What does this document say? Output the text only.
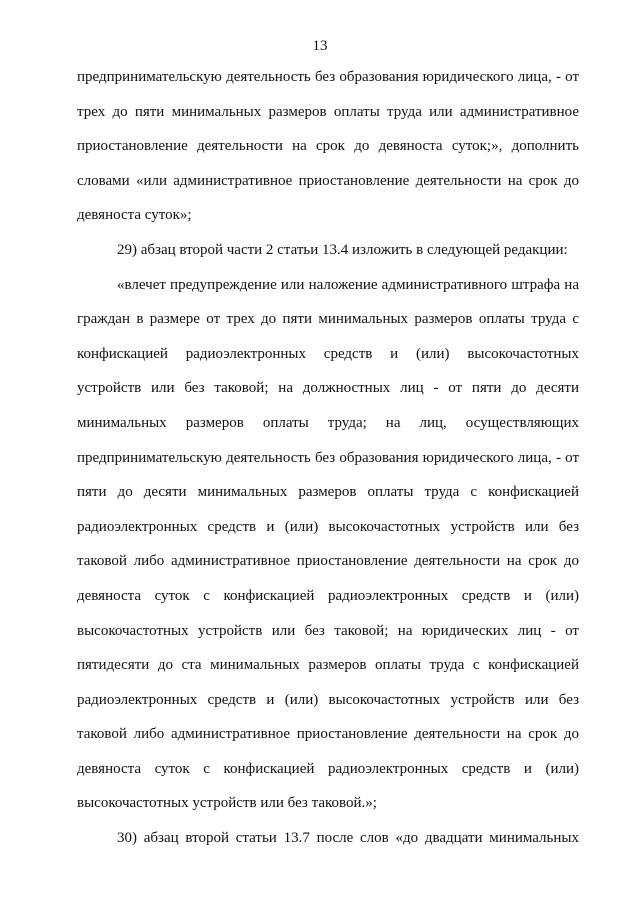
13
предпринимательскую деятельность без образования юридического лица, - от
трех до пяти минимальных размеров оплаты труда или административное
приостановление деятельности на срок до девяноста суток;», дополнить
словами «или административное приостановление деятельности на срок до
девяноста суток»;
29) абзац второй части 2 статьи 13.4 изложить в следующей редакции:
«влечет предупреждение или наложение административного штрафа на
граждан в размере от трех до пяти минимальных размеров оплаты труда с
конфискацией радиоэлектронных средств и (или) высокочастотных
устройств или без таковой; на должностных лиц - от пяти до десяти
минимальных размеров оплаты труда; на лиц, осуществляющих
предпринимательскую деятельность без образования юридического лица, - от
пяти до десяти минимальных размеров оплаты труда с конфискацией
радиоэлектронных средств и (или) высокочастотных устройств или без
таковой либо административное приостановление деятельности на срок до
девяноста суток с конфискацией радиоэлектронных средств и (или)
высокочастотных устройств или без таковой; на юридических лиц - от
пятидесяти до ста минимальных размеров оплаты труда с конфискацией
радиоэлектронных средств и (или) высокочастотных устройств или без
таковой либо административное приостановление деятельности на срок до
девяноста суток с конфискацией радиоэлектронных средств и (или)
высокочастотных устройств или без таковой.»;
30) абзац второй статьи 13.7 после слов «до двадцати минимальных
